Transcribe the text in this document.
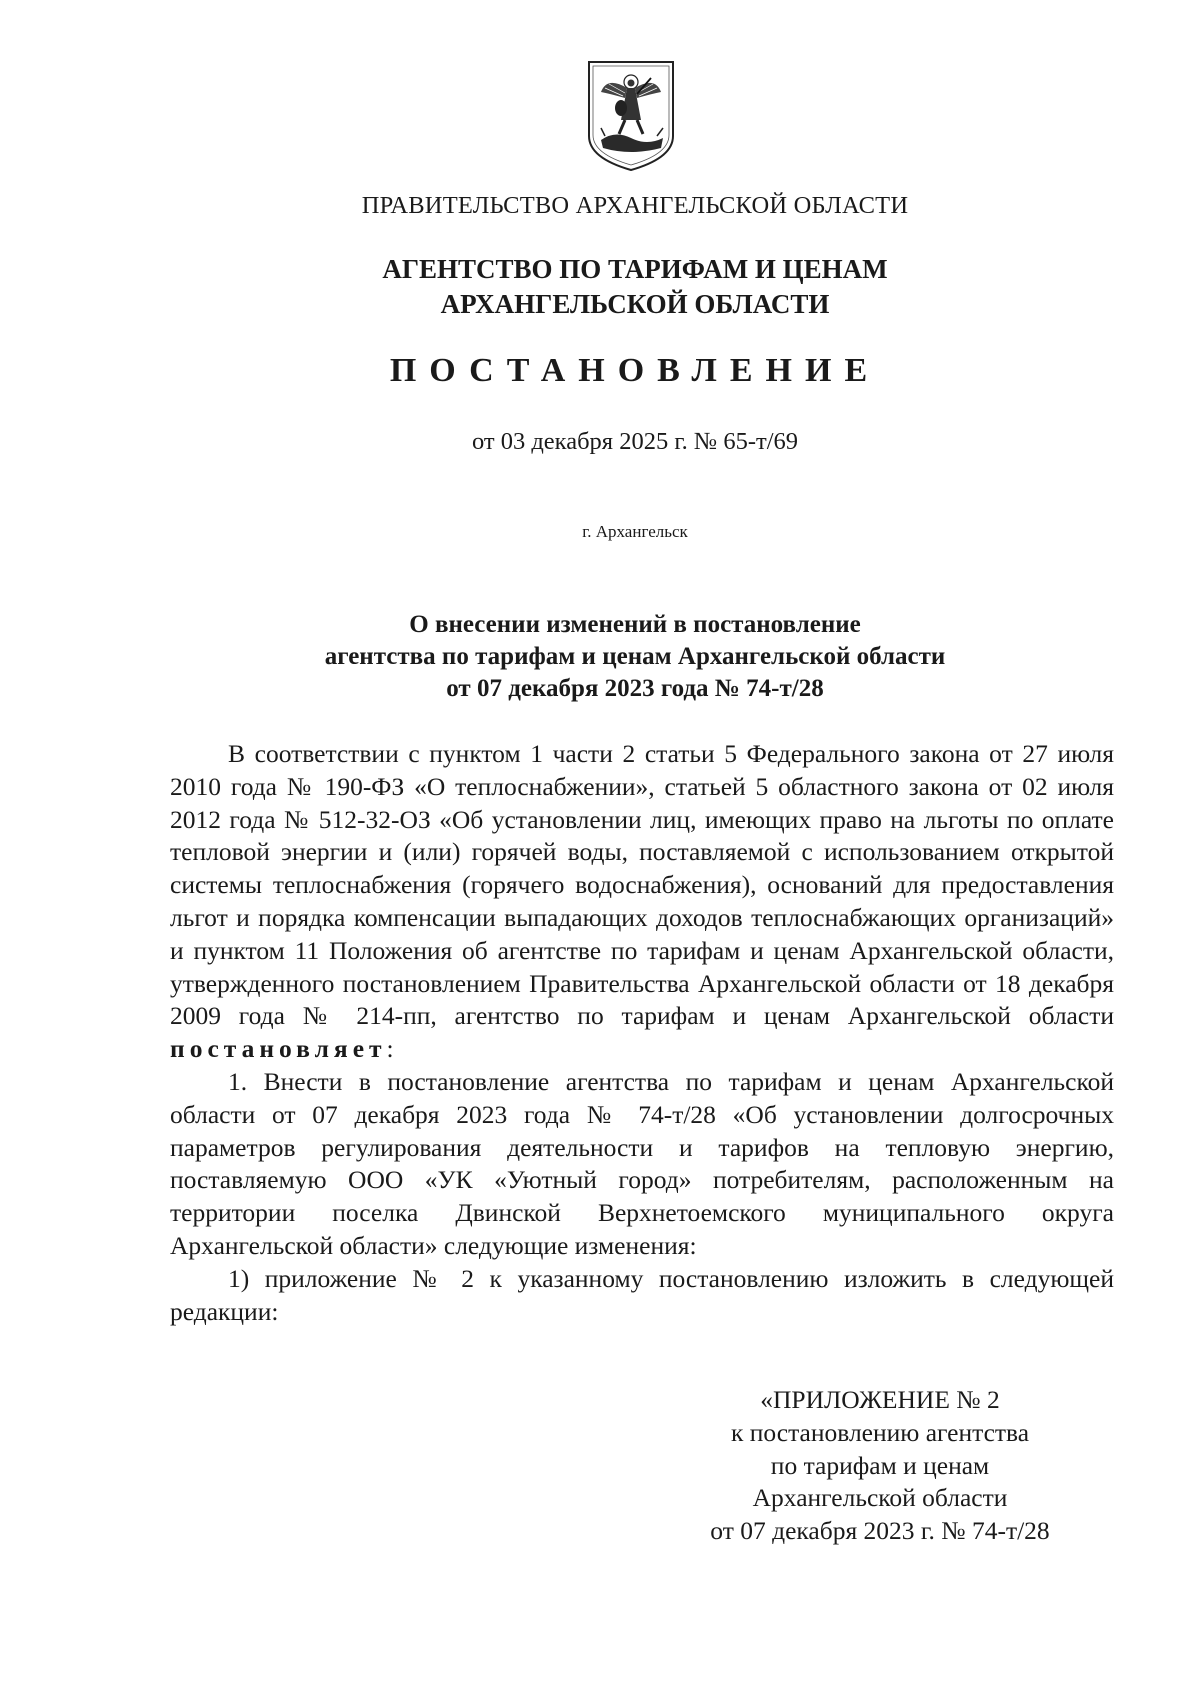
ПРАВИТЕЛЬСТВО АРХАНГЕЛЬСКОЙ ОБЛАСТИ
АГЕНТСТВО ПО ТАРИФАМ И ЦЕНАМ
АРХАНГЕЛЬСКОЙ ОБЛАСТИ
ПОСТАНОВЛЕНИЕ
от 03 декабря 2025 г. № 65-т/69
г. Архангельск
О внесении изменений в постановление
агентства по тарифам и ценам Архангельской области
от 07 декабря 2023 года № 74-т/28

В соответствии с пунктом 1 части 2 статьи 5 Федерального закона от 27 июля 2010 года № 190-ФЗ «О теплоснабжении», статьей 5 областного закона от 02 июля 2012 года № 512-32-ОЗ «Об установлении лиц, имеющих право на льготы по оплате тепловой энергии и (или) горячей воды, поставляемой с использованием открытой системы теплоснабжения (горячего водоснабжения), оснований для предоставления льгот и порядка компенсации выпадающих доходов теплоснабжающих организаций» и пунктом 11 Положения об агентстве по тарифам и ценам Архангельской области, утвержденного постановлением Правительства Архангельской области от 18 декабря 2009 года № 214-пп, агентство по тарифам и ценам Архангельской области постановляет:

1. Внести в постановление агентства по тарифам и ценам Архангельской области от 07 декабря 2023 года № 74-т/28 «Об установлении долгосрочных параметров регулирования деятельности и тарифов на тепловую энергию, поставляемую ООО «УК «Уютный город» потребителям, расположенным на территории поселка Двинской Верхнетоемского муниципального округа Архангельской области» следующие изменения:

1) приложение № 2 к указанному постановлению изложить в следующей редакции:

«ПРИЛОЖЕНИЕ № 2
к постановлению агентства
по тарифам и ценам
Архангельской области
от 07 декабря 2023 г. № 74-т/28
